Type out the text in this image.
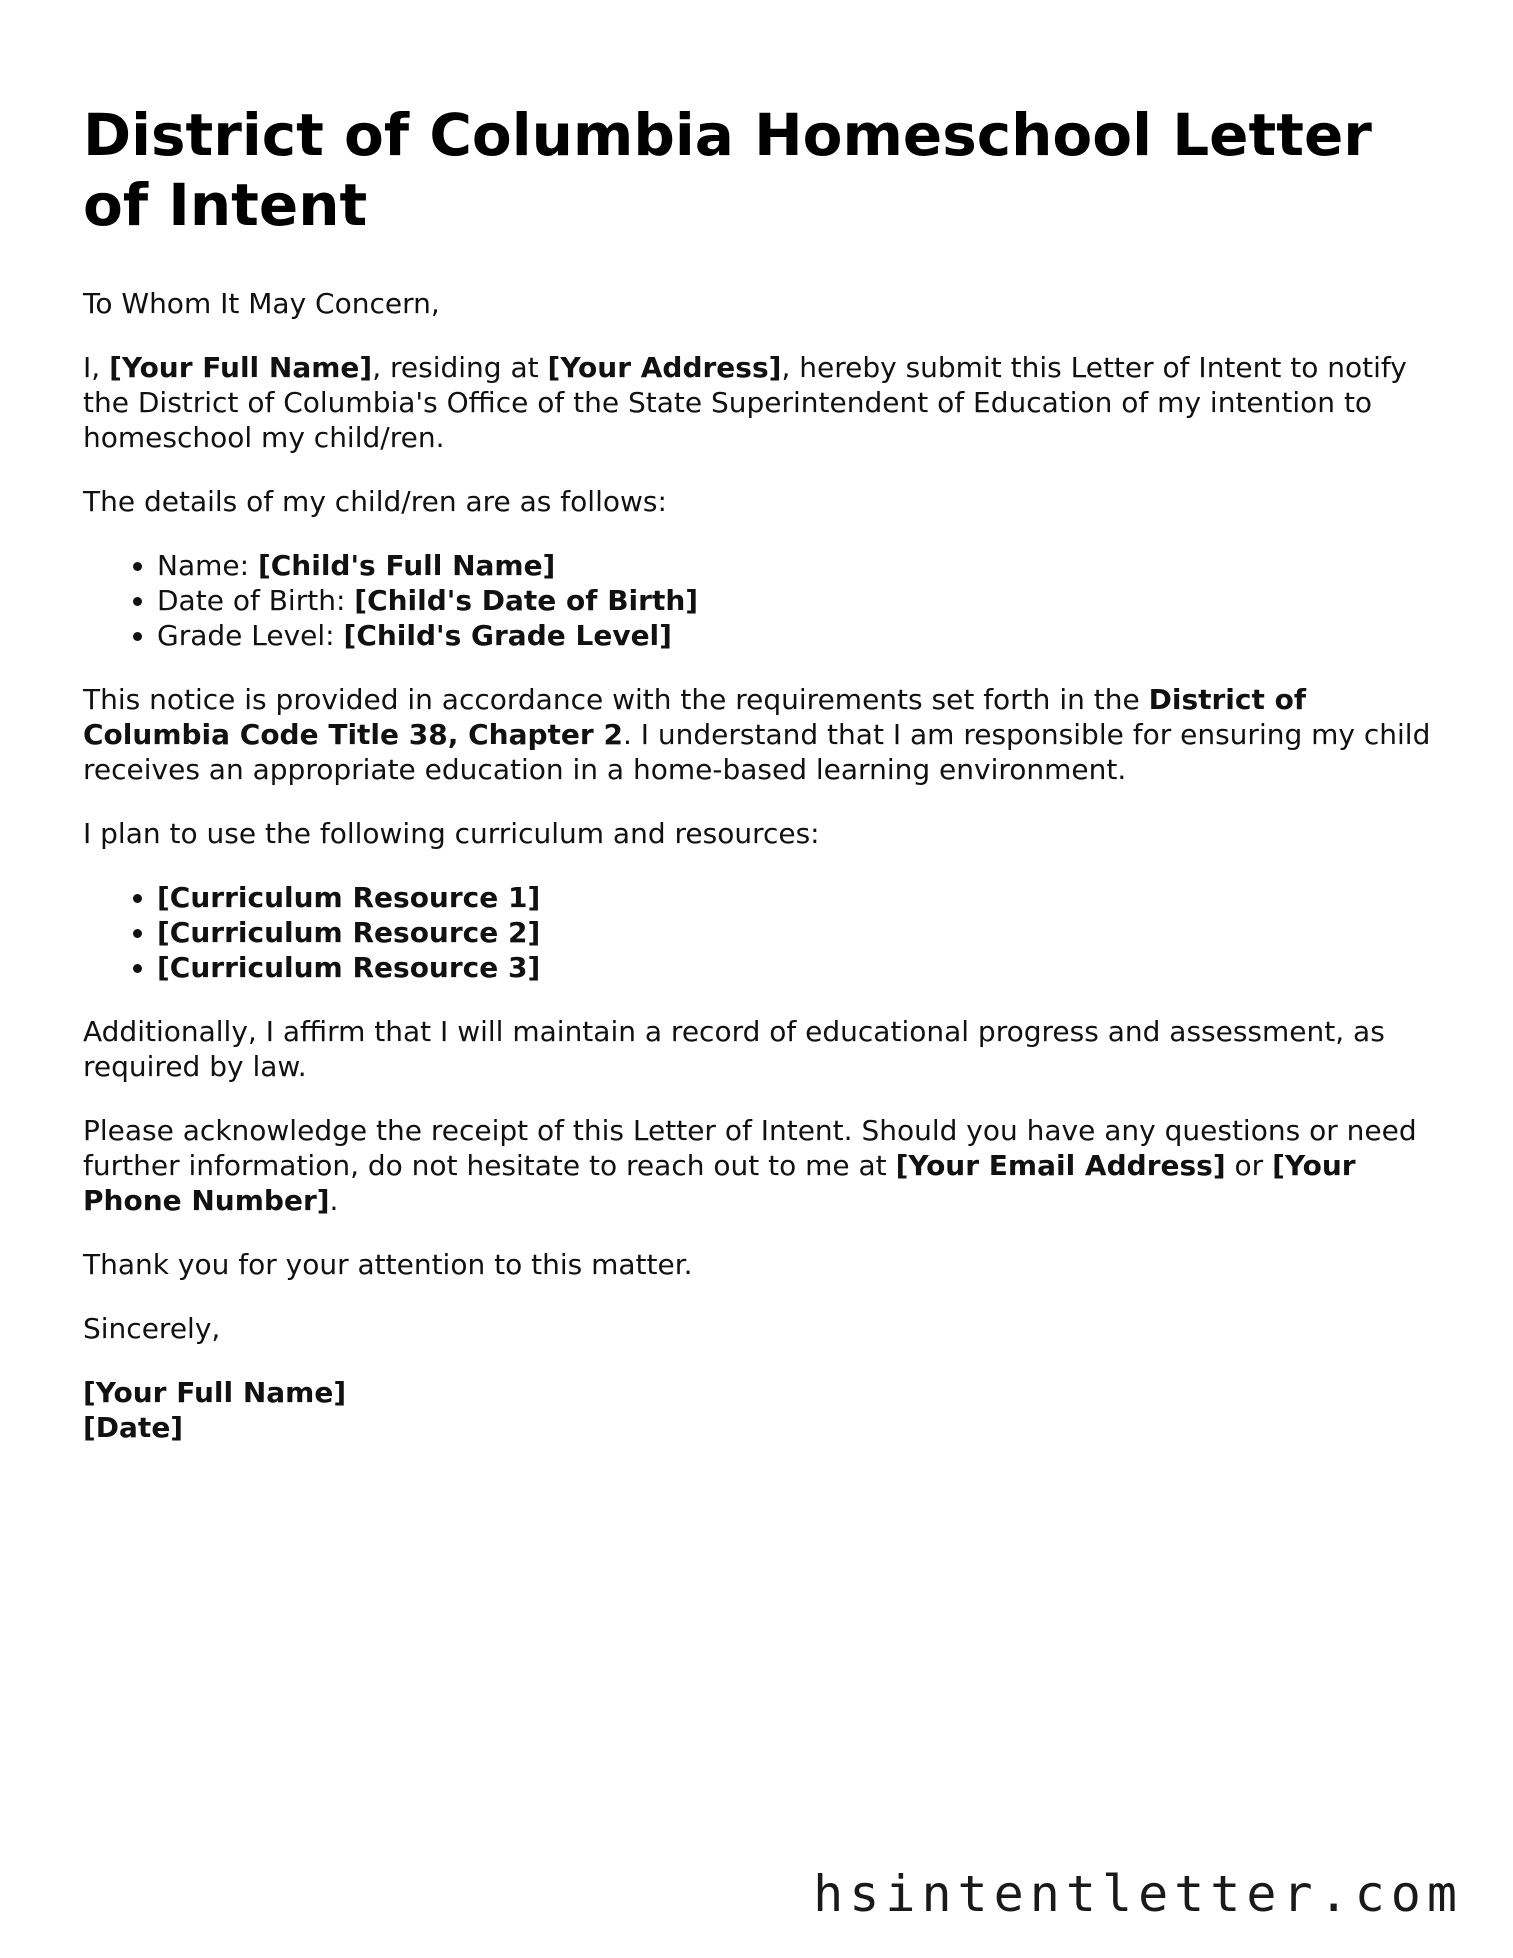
District of Columbia Homeschool Letter of Intent

To Whom It May Concern,

I, [Your Full Name], residing at [Your Address], hereby submit this Letter of Intent to notify the District of Columbia's Office of the State Superintendent of Education of my intention to homeschool my child/ren.

The details of my child/ren are as follows:

• Name: [Child's Full Name]
• Date of Birth: [Child's Date of Birth]
• Grade Level: [Child's Grade Level]

This notice is provided in accordance with the requirements set forth in the District of Columbia Code Title 38, Chapter 2. I understand that I am responsible for ensuring my child receives an appropriate education in a home-based learning environment.

I plan to use the following curriculum and resources:

• [Curriculum Resource 1]
• [Curriculum Resource 2]
• [Curriculum Resource 3]

Additionally, I affirm that I will maintain a record of educational progress and assessment, as required by law.

Please acknowledge the receipt of this Letter of Intent. Should you have any questions or need further information, do not hesitate to reach out to me at [Your Email Address] or [Your Phone Number].

Thank you for your attention to this matter.

Sincerely,

[Your Full Name]
[Date]

hsintentletter.com
